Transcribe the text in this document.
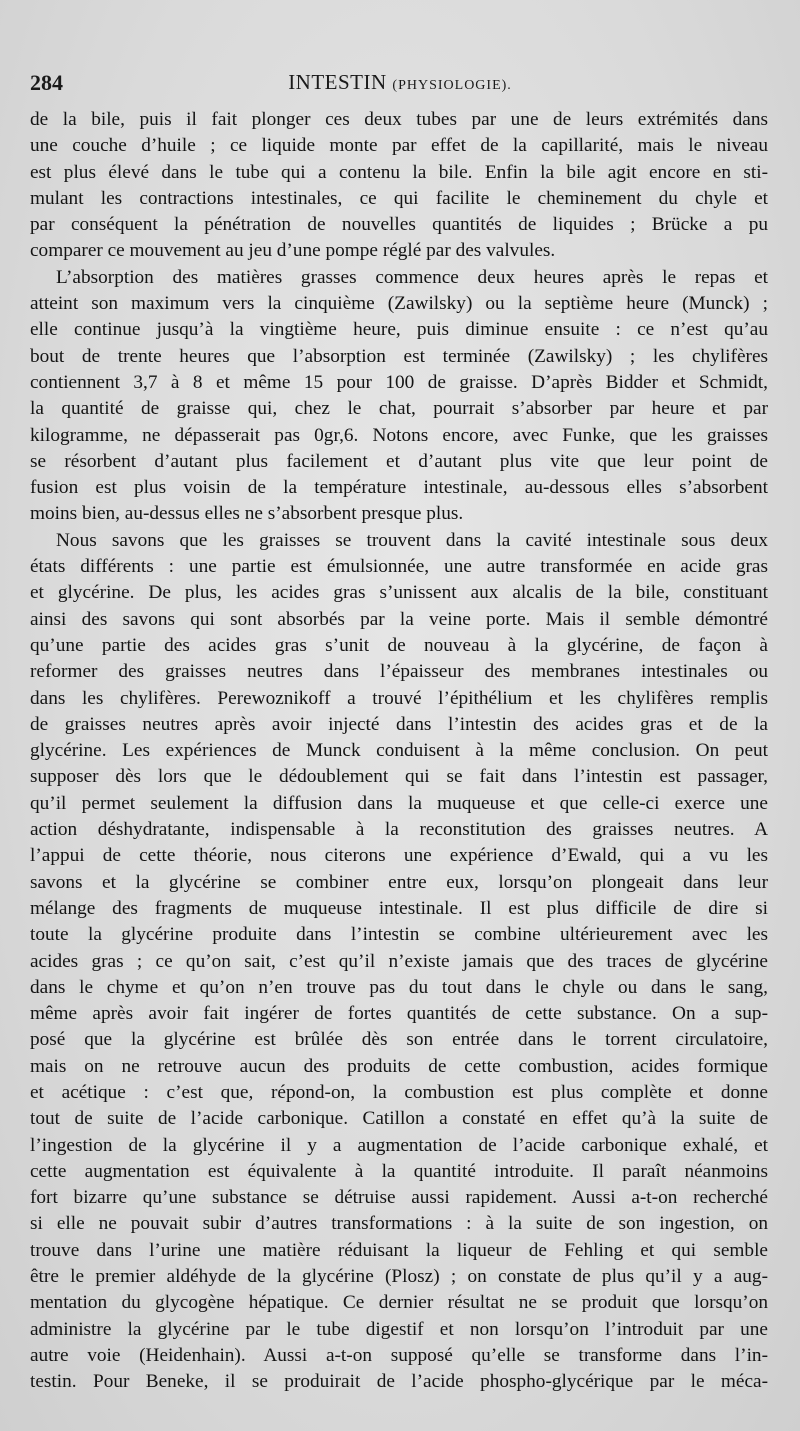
284	INTESTIN (PHYSIOLOGIE).
de la bile, puis il fait plonger ces deux tubes par une de leurs extrémités dans
une couche d’huile ; ce liquide monte par effet de la capillarité, mais le niveau
est plus élevé dans le tube qui a contenu la bile. Enfin la bile agit encore en sti-
mulant les contractions intestinales, ce qui facilite le cheminement du chyle et
par conséquent la pénétration de nouvelles quantités de liquides ; Brücke a pu
comparer ce mouvement au jeu d’une pompe réglé par des valvules.
L’absorption des matières grasses commence deux heures après le repas et
atteint son maximum vers la cinquième (Zawilsky) ou la septième heure (Munck) ;
elle continue jusqu’à la vingtième heure, puis diminue ensuite : ce n’est qu’au
bout de trente heures que l’absorption est terminée (Zawilsky) ; les chylifères
contiennent 3,7 à 8 et même 15 pour 100 de graisse. D’après Bidder et Schmidt,
la quantité de graisse qui, chez le chat, pourrait s’absorber par heure et par
kilogramme, ne dépasserait pas 0gr,6. Notons encore, avec Funke, que les graisses
se résorbent d’autant plus facilement et d’autant plus vite que leur point de
fusion est plus voisin de la température intestinale, au-dessous elles s’absorbent
moins bien, au-dessus elles ne s’absorbent presque plus.
Nous savons que les graisses se trouvent dans la cavité intestinale sous deux
états différents : une partie est émulsionnée, une autre transformée en acide gras
et glycérine. De plus, les acides gras s’unissent aux alcalis de la bile, constituant
ainsi des savons qui sont absorbés par la veine porte. Mais il semble démontré
qu’une partie des acides gras s’unit de nouveau à la glycérine, de façon à
reformer des graisses neutres dans l’épaisseur des membranes intestinales ou
dans les chylifères. Perewoznikoff a trouvé l’épithélium et les chylifères remplis
de graisses neutres après avoir injecté dans l’intestin des acides gras et de la
glycérine. Les expériences de Munck conduisent à la même conclusion. On peut
supposer dès lors que le dédoublement qui se fait dans l’intestin est passager,
qu’il permet seulement la diffusion dans la muqueuse et que celle-ci exerce une
action déshydratante, indispensable à la reconstitution des graisses neutres. A
l’appui de cette théorie, nous citerons une expérience d’Ewald, qui a vu les
savons et la glycérine se combiner entre eux, lorsqu’on plongeait dans leur
mélange des fragments de muqueuse intestinale. Il est plus difficile de dire si
toute la glycérine produite dans l’intestin se combine ultérieurement avec les
acides gras ; ce qu’on sait, c’est qu’il n’existe jamais que des traces de glycérine
dans le chyme et qu’on n’en trouve pas du tout dans le chyle ou dans le sang,
même après avoir fait ingérer de fortes quantités de cette substance. On a sup-
posé que la glycérine est brûlée dès son entrée dans le torrent circulatoire,
mais on ne retrouve aucun des produits de cette combustion, acides formique
et acétique : c’est que, répond-on, la combustion est plus complète et donne
tout de suite de l’acide carbonique. Catillon a constaté en effet qu’à la suite de
l’ingestion de la glycérine il y a augmentation de l’acide carbonique exhalé, et
cette augmentation est équivalente à la quantité introduite. Il paraît néanmoins
fort bizarre qu’une substance se détruise aussi rapidement. Aussi a-t-on recherché
si elle ne pouvait subir d’autres transformations : à la suite de son ingestion, on
trouve dans l’urine une matière réduisant la liqueur de Fehling et qui semble
être le premier aldéhyde de la glycérine (Plosz) ; on constate de plus qu’il y a aug-
mentation du glycogène hépatique. Ce dernier résultat ne se produit que lorsqu’on
administre la glycérine par le tube digestif et non lorsqu’on l’introduit par une
autre voie (Heidenhain). Aussi a-t-on supposé qu’elle se transforme dans l’in-
testin. Pour Beneke, il se produirait de l’acide phospho-glycérique par le méca-
